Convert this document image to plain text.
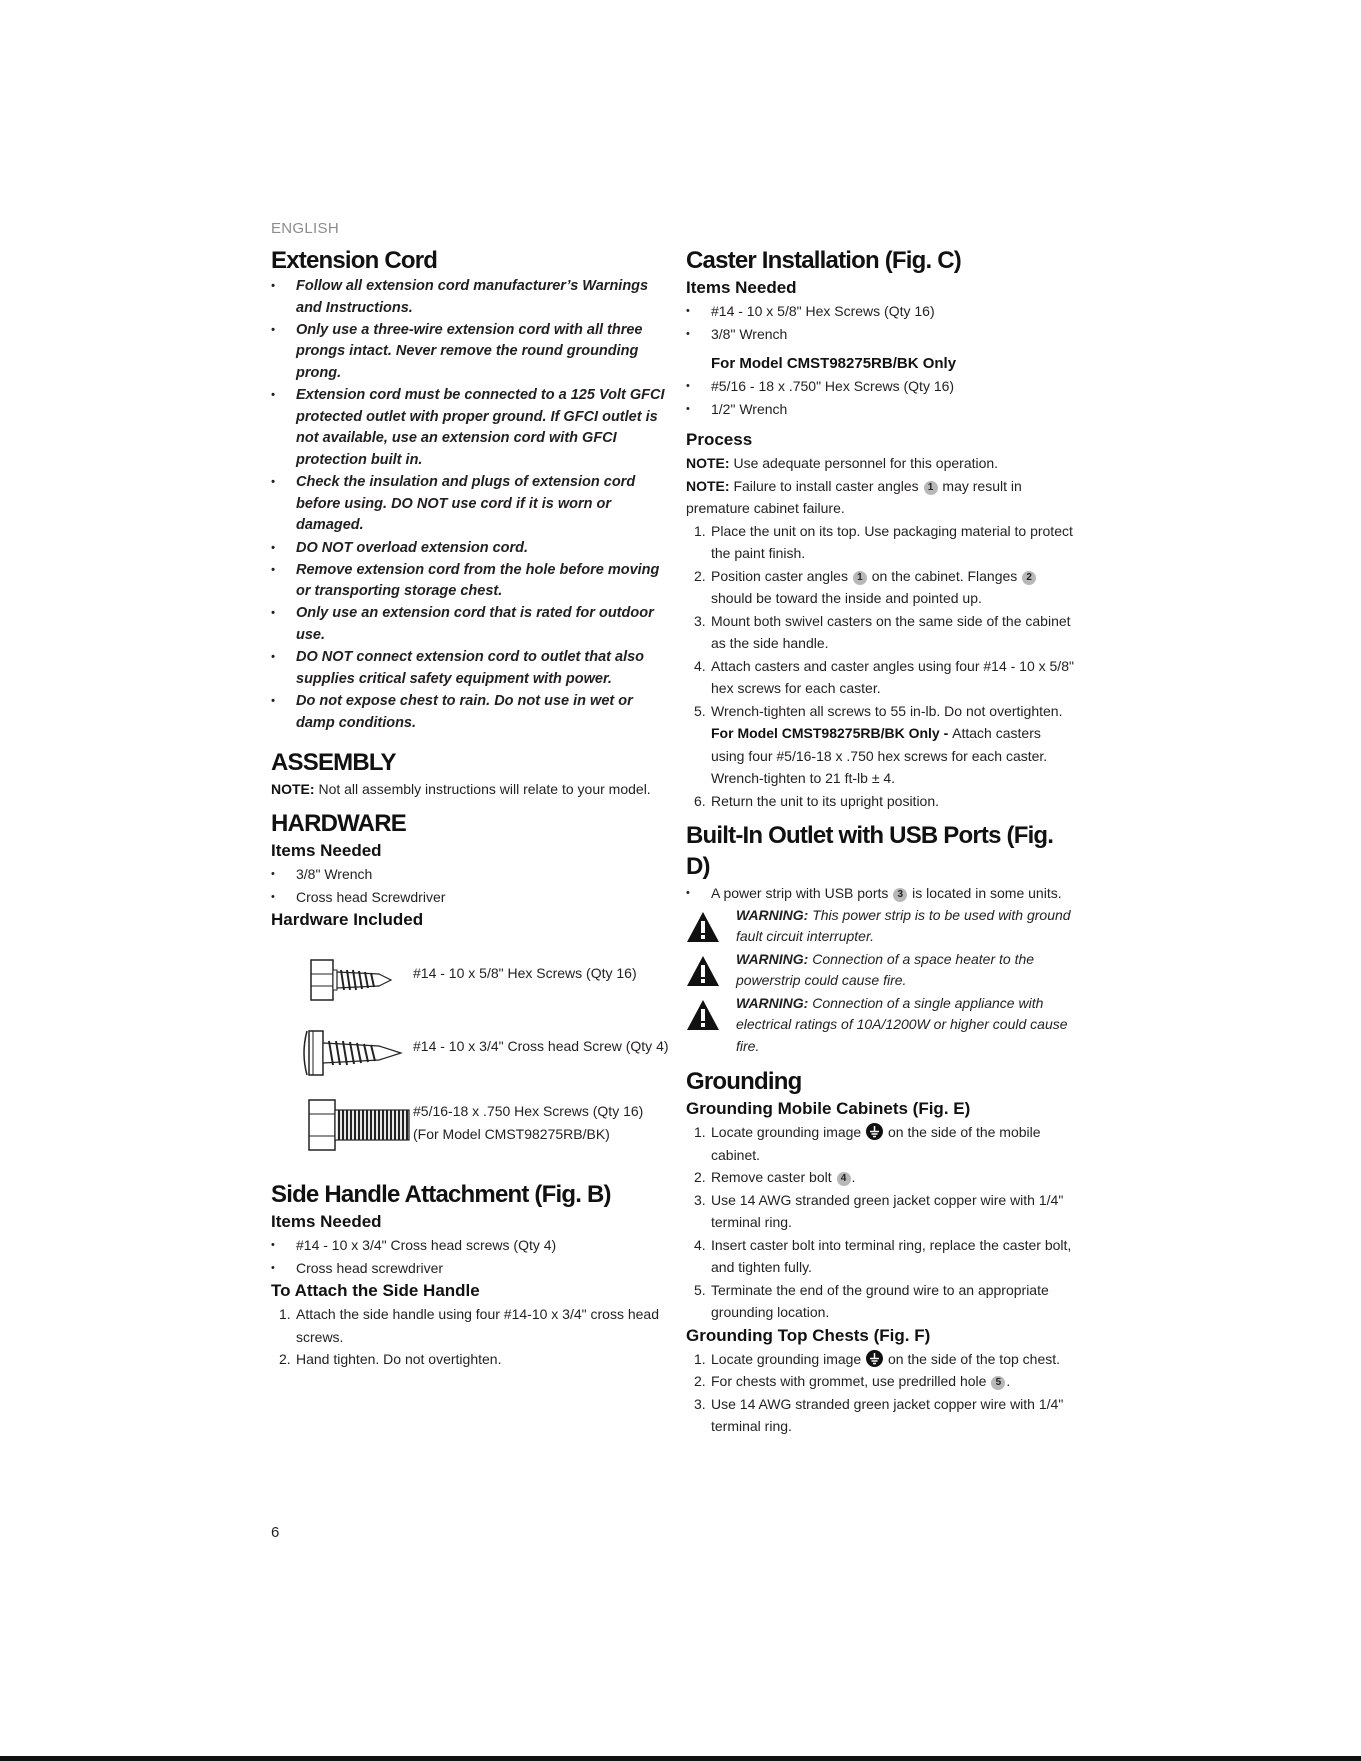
ENGLISH
Extension Cord
• Follow all extension cord manufacturer’s Warnings and Instructions.
• Only use a three-wire extension cord with all three prongs intact. Never remove the round grounding prong.
• Extension cord must be connected to a 125 Volt GFCI protected outlet with proper ground. If GFCI outlet is not available, use an extension cord with GFCI protection built in.
• Check the insulation and plugs of extension cord before using. DO NOT use cord if it is worn or damaged.
• DO NOT overload extension cord.
• Remove extension cord from the hole before moving or transporting storage chest.
• Only use an extension cord that is rated for outdoor use.
• DO NOT connect extension cord to outlet that also supplies critical safety equipment with power.
• Do not expose chest to rain. Do not use in wet or damp conditions.
ASSEMBLY

NOTE: Not all assembly instructions will relate to your model.

HARDWARE
Items Needed
• 3/8" Wrench
• Cross head Screwdriver
Hardware Included
#14 - 10 x 5/8" Hex Screws (Qty 16)
#14 - 10 x 3/4" Cross head Screw (Qty 4)
#5/16-18 x .750 Hex Screws (Qty 16)
(For Model CMST98275RB/BK)
Side Handle Attachment (Fig. B)
Items Needed
• #14 - 10 x 3/4" Cross head screws (Qty 4)
• Cross head screwdriver
To Attach the Side Handle
1. Attach the side handle using four #14-10 x 3/4" cross head screws.
2. Hand tighten. Do not overtighten.
Caster Installation (Fig. C)
Items Needed
• #14 - 10 x 5/8" Hex Screws (Qty 16)
• 3/8" Wrench
For Model CMST98275RB/BK Only
• #5/16 - 18 x .750" Hex Screws (Qty 16)
• 1/2" Wrench
Process

NOTE: Use adequate personnel for this operation.

NOTE: Failure to install caster angles 1 may result in premature cabinet failure.

1. Place the unit on its top. Use packaging material to protect the paint finish.
2. Position caster angles 1 on the cabinet. Flanges 2 should be toward the inside and pointed up.
3. Mount both swivel casters on the same side of the cabinet as the side handle.
4. Attach casters and caster angles using four #14 - 10 x 5/8" hex screws for each caster.
5. Wrench-tighten all screws to 55 in-lb. Do not overtighten.
For Model CMST98275RB/BK Only - Attach casters using four #5/16-18 x .750 hex screws for each caster. Wrench-tighten to 21 ft-lb ± 4.
6. Return the unit to its upright position.
Built-In Outlet with USB Ports (Fig. D)
• A power strip with USB ports 3 is located in some units.
WARNING: This power strip is to be used with ground fault circuit interrupter.
WARNING: Connection of a space heater to the powerstrip could cause fire.
WARNING: Connection of a single appliance with electrical ratings of 10A/1200W or higher could cause fire.
Grounding
Grounding Mobile Cabinets (Fig. E)
1. Locate grounding image  on the side of the mobile cabinet.
2. Remove caster bolt 4 .
3. Use 14 AWG stranded green jacket copper wire with 1/4" terminal ring.
4. Insert caster bolt into terminal ring, replace the caster bolt, and tighten fully.
5. Terminate the end of the ground wire to an appropriate grounding location.
Grounding Top Chests (Fig. F)
1. Locate grounding image  on the side of the top chest.
2. For chests with grommet, use predrilled hole 5 .
3. Use 14 AWG stranded green jacket copper wire with 1/4" terminal ring.
6
